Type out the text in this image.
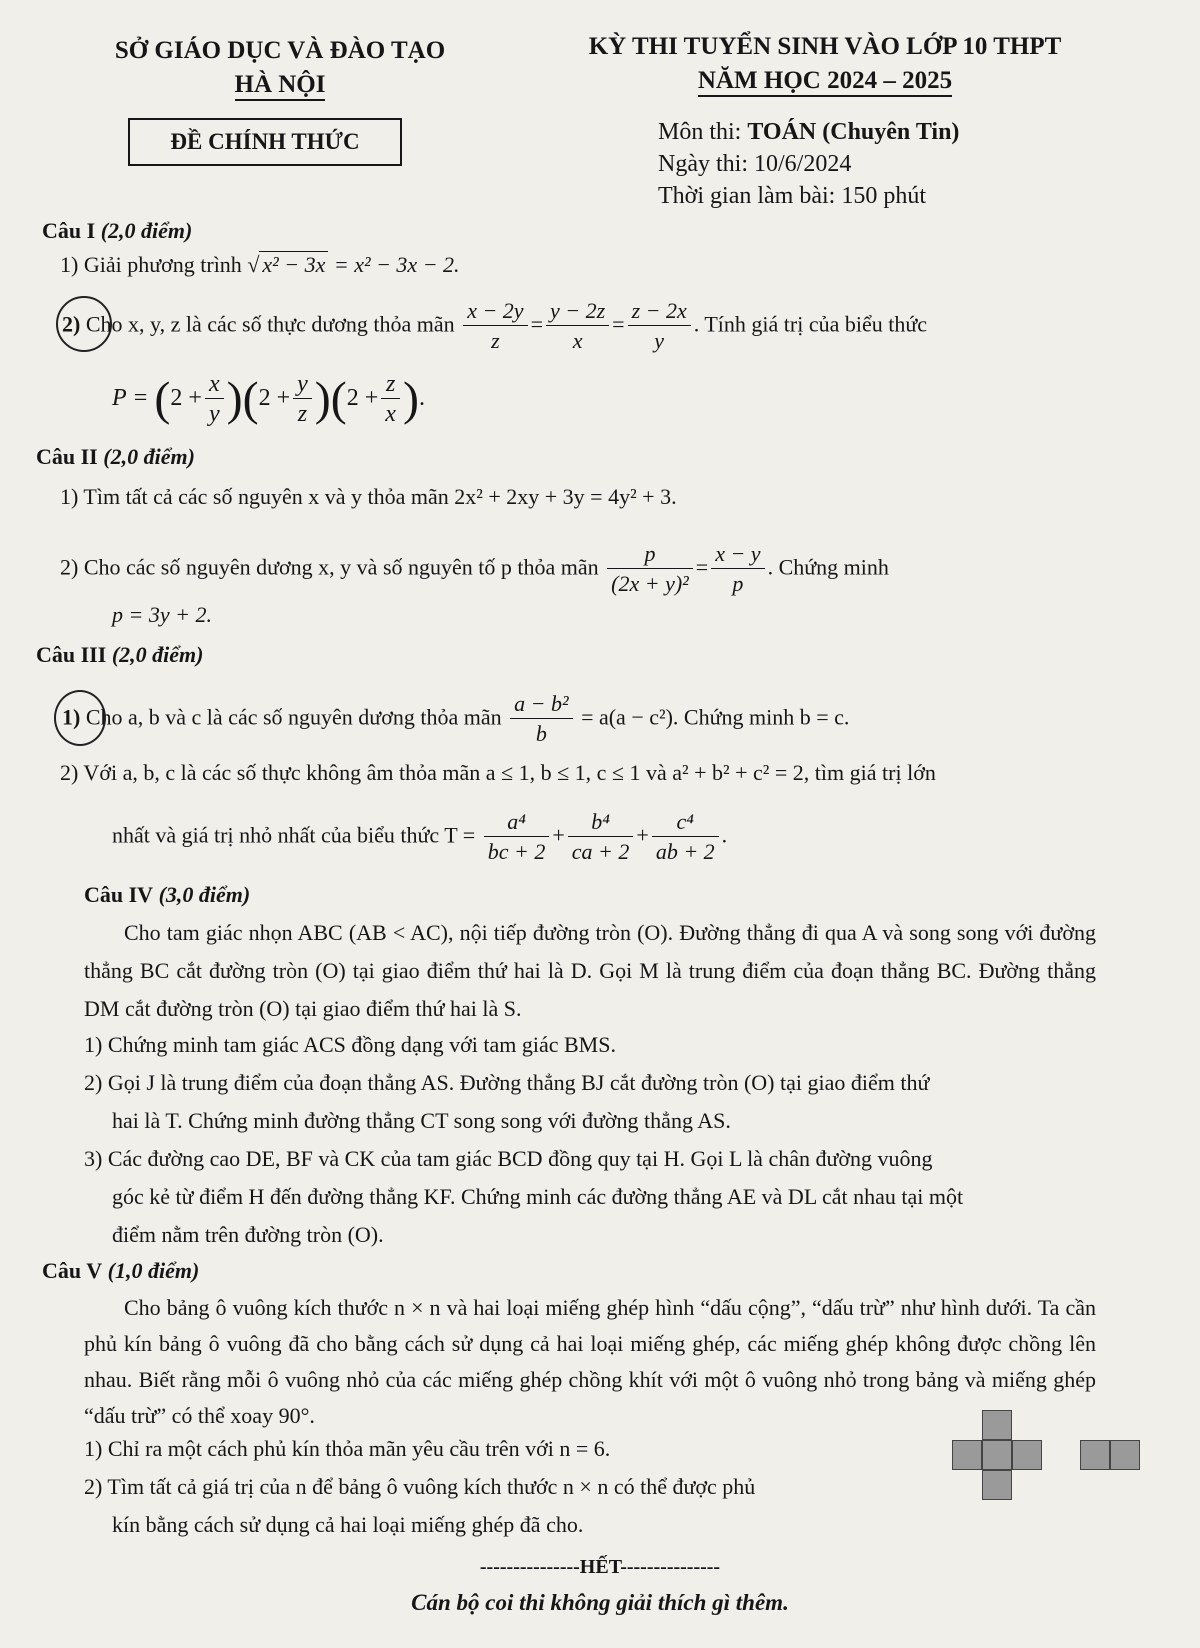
SỞ GIÁO DỤC VÀ ĐÀO TẠO
HÀ NỘI
KỲ THI TUYỂN SINH VÀO LỚP 10 THPT
NĂM HỌC 2024 – 2025
ĐỀ CHÍNH THỨC	Môn thi: TOÁN (Chuyên Tin)
Ngày thi: 10/6/2024
Thời gian làm bài: 150 phút
Câu I (2,0 điểm)
1) Giải phương trình √ x² − 3x = x² − 3x − 2.
2) Cho x, y, z là các số thực dương thỏa mãn $\frac{x - 2y}{z} = \frac{y - 2z}{x} = \frac{z - 2x}{y}$ . Tính giá trị của biểu thức
$P = (2 + \frac{x}{y} )(2 + \frac{y}{z} )(2 + \frac{z}{x}$ ).
Câu II (2,0 điểm)
1) Tìm tất cả các số nguyên x và y thỏa mãn 2x² + 2xy + 3y = 4y² + 3.
2) Cho các số nguyên dương x, y và số nguyên tố p thỏa mãn $\frac{p}{\text{(2x + y)²}} = \frac{x - y}{p}$ . Chứng minh
p = 3y + 2.
Câu III (2,0 điểm)
1) Cho a, b và c là các số nguyên dương thỏa mãn $\frac{\text{a − b²}}{b} = a(a - c^2)$. Chứng minh b = c.
2) Với a, b, c là các số thực không âm thỏa mãn a ≤ 1, b ≤ 1, c ≤ 1 và a² + b² + c² = 2, tìm giá trị lớn
nhất và giá trị nhỏ nhất của biểu thức $T = \frac{\text{a⁴}}{bc + 2} + \frac{\text{b⁴}}{ca + 2} + \frac{\text{c⁴}}{ab + 2}$ .
Câu IV (3,0 điểm)
Cho tam giác nhọn ABC (AB < AC), nội tiếp đường tròn (O). Đường thẳng đi qua A và song song với đường thẳng BC cắt đường tròn (O) tại giao điểm thứ hai là D. Gọi M là trung điểm của đoạn thẳng BC. Đường thẳng DM cắt đường tròn (O) tại giao điểm thứ hai là S.
1) Chứng minh tam giác ACS đồng dạng với tam giác BMS.
2) Gọi J là trung điểm của đoạn thẳng AS. Đường thẳng BJ cắt đường tròn (O) tại giao điểm thứ
hai là T. Chứng minh đường thẳng CT song song với đường thẳng AS.
3) Các đường cao DE, BF và CK của tam giác BCD đồng quy tại H. Gọi L là chân đường vuông
góc kẻ từ điểm H đến đường thẳng KF. Chứng minh các đường thẳng AE và DL cắt nhau tại một
điểm nằm trên đường tròn (O).
Câu V (1,0 điểm)
Cho bảng ô vuông kích thước n × n và hai loại miếng ghép hình “dấu cộng”, “dấu trừ” như hình dưới. Ta cần phủ kín bảng ô vuông đã cho bằng cách sử dụng cả hai loại miếng ghép, các miếng ghép không được chồng lên nhau. Biết rằng mỗi ô vuông nhỏ của các miếng ghép chồng khít với một ô vuông nhỏ trong bảng và miếng ghép “dấu trừ” có thể xoay 90°.
1) Chỉ ra một cách phủ kín thỏa mãn yêu cầu trên với n = 6.
2) Tìm tất cả giá trị của n để bảng ô vuông kích thước n × n có thể được phủ
kín bằng cách sử dụng cả hai loại miếng ghép đã cho.
---------------HẾT---------------
Cán bộ coi thi không giải thích gì thêm.
